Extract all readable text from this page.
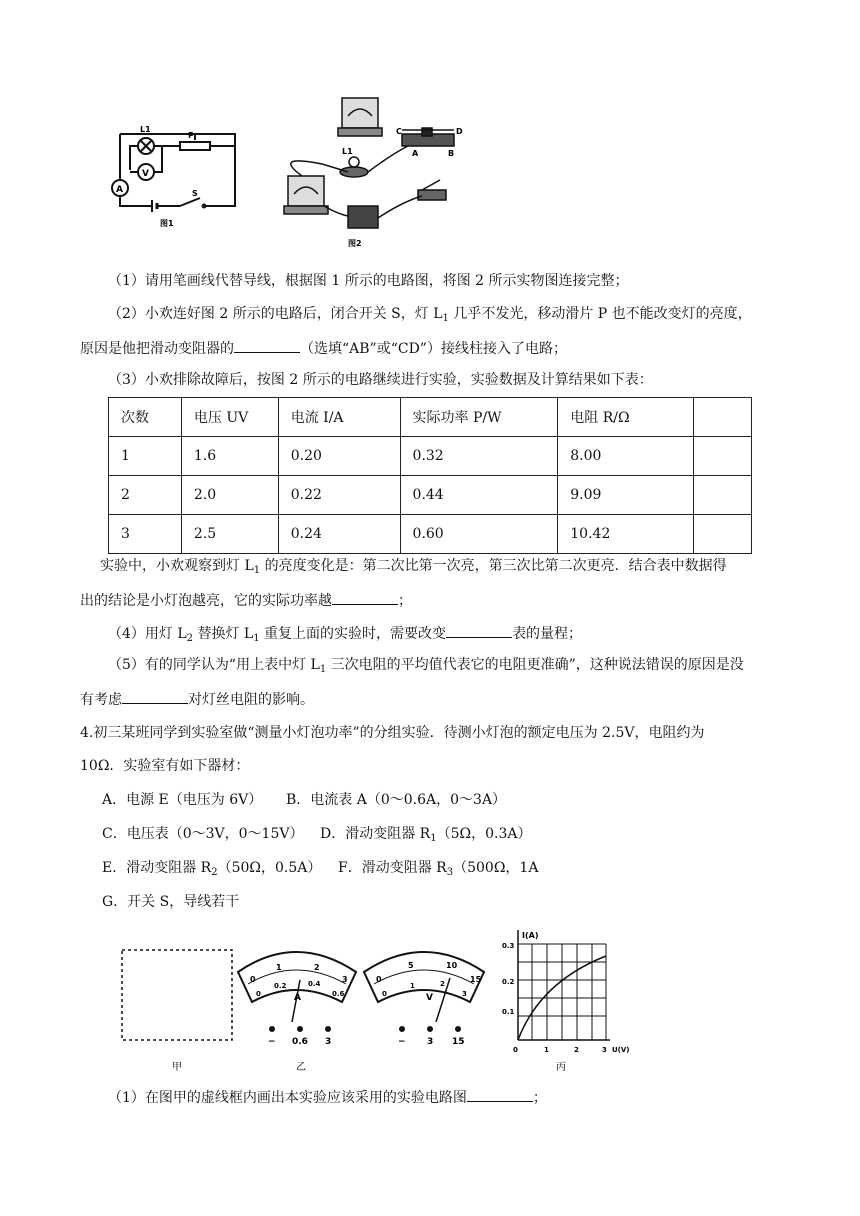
A
V
L1
P
S
图1
C	D
A	B
L1
图2
（1）请用笔画线代替导线，根据图 1 所示的电路图，将图 2 所示实物图连接完整；
（2）小欢连好图 2 所示的电路后，闭合开关 S，灯 $L_1$ 几乎不发光，移动滑片 P 也不能改变灯的亮度，
原因是他把滑动变阻器的	（选填“AB”或“CD”）接线柱接入了电路；
（3）小欢排除故障后，按图 2 所示的电路继续进行实验，实验数据及计算结果如下表：
次数	电压 UV	电流 I/A	实际功率 P/W	电阻 R/Ω	
1	1.6	0.20	0.32	8.00	
2	2.0	0.22	0.44	9.09	
3	2.5	0.24	0.60	10.42	
实验中，小欢观察到灯 $L_1$ 的亮度变化是：第二次比第一次亮，第三次比第二次更亮．结合表中数据得
出的结论是小灯泡越亮，它的实际功率越	；
（4）用灯 $L_2$ 替换灯 $L_1$ 重复上面的实验时，需要改变	表的量程；
（5）有的同学认为“用上表中灯 $L_1$ 三次电阻的平均值代表它的电阻更准确”，这种说法错误的原因是没
有考虑	对灯丝电阻的影响。
4.初三某班同学到实验室做“测量小灯泡功率”的分组实验．待测小灯泡的额定电压为 2.5V，电阻约为
10Ω．实验室有如下器材：
A．电源 E（电压为 6V） B．电流表 A（0～0.6A，0～3A）
C．电压表（0～3V，0～15V） D．滑动变阻器 $R_1(5\Omega$，0.3A）
E．滑动变阻器 $R_2(50\Omega$，0.5A） F．滑动变阻器 $R_3(500\Omega$，1A
G．开关 S，导线若干
甲
0
1	2
3
0
0.2	0.4
0.6
A
− 0.6 3
乙
0
5	10
15
0
1	2
3
V
− 3 15
I(A)
0.3
0.2
0.1
0	1	2	3 U(V)
丙
（1）在图甲的虚线框内画出本实验应该采用的实验电路图	；
